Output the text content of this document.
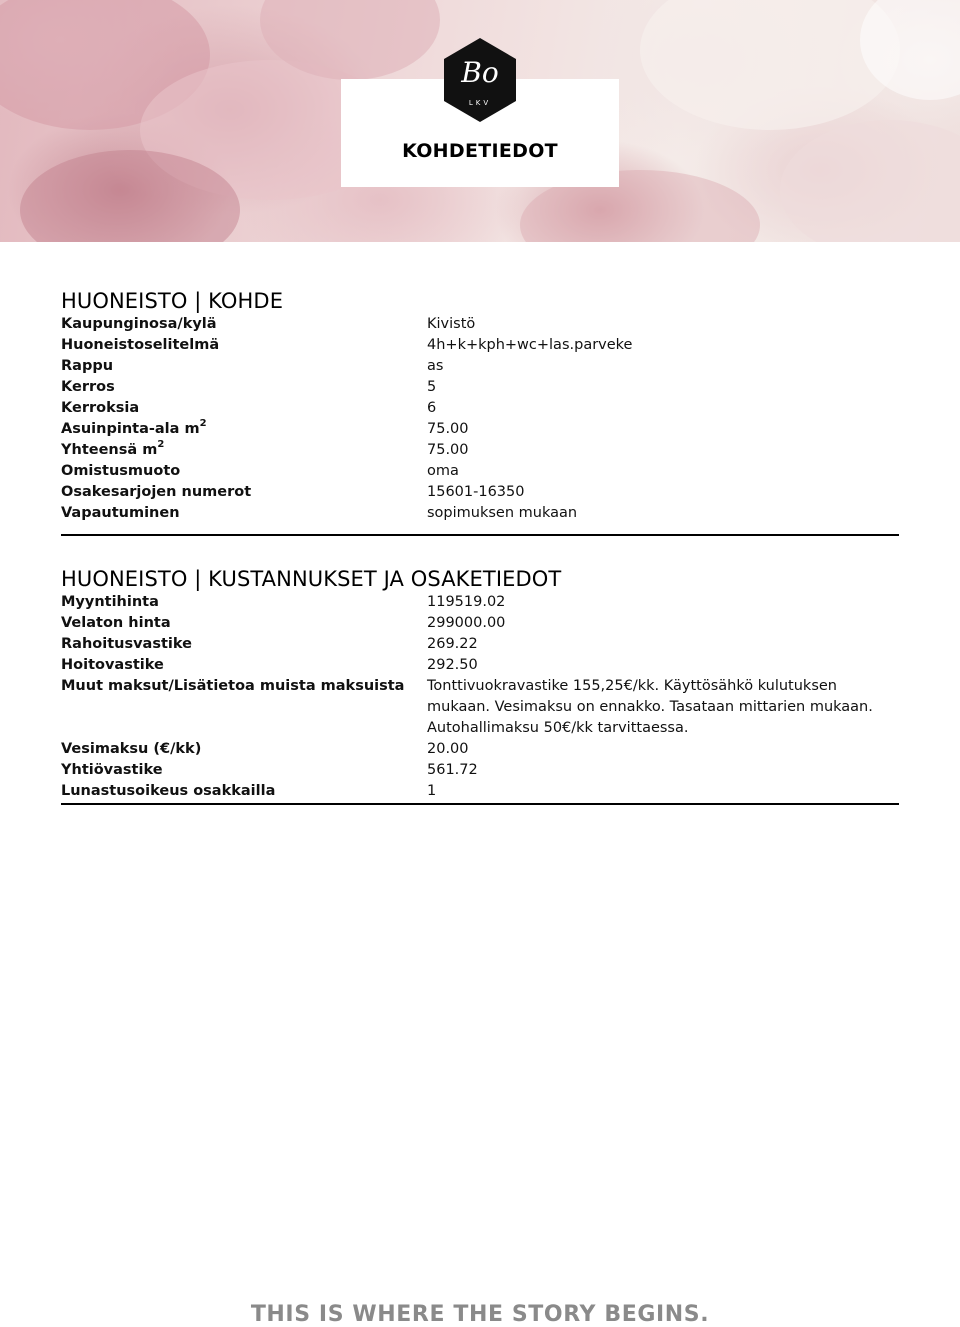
Bo
LKV
KOHDETIEDOT
HUONEISTO | KOHDE
Kaupunginosa/kylä	Kivistö
Huoneistoselitelmä	4h+k+kph+wc+las.parveke
Rappu	as
Kerros	5
Kerroksia	6
Asuinpinta-ala $m^2$	75.00
Yhteensä $m^2$	75.00
Omistusmuoto	oma
Osakesarjojen numerot	15601-16350
Vapautuminen	sopimuksen mukaan
HUONEISTO | KUSTANNUKSET JA OSAKETIEDOT
Myyntihinta	119519.02
Velaton hinta	299000.00
Rahoitusvastike	269.22
Hoitovastike	292.50
Muut maksut/Lisätietoa muista maksuista	Tonttivuokravastike 155,25€/kk. Käyttösähkö kulutuksen mukaan. Vesimaksu on ennakko. Tasataan mittarien mukaan. Autohallimaksu 50€/kk tarvittaessa.
Vesimaksu (€/kk)	20.00
Yhtiövastike	561.72
Lunastusoikeus osakkailla	1
THIS IS WHERE THE STORY BEGINS.
